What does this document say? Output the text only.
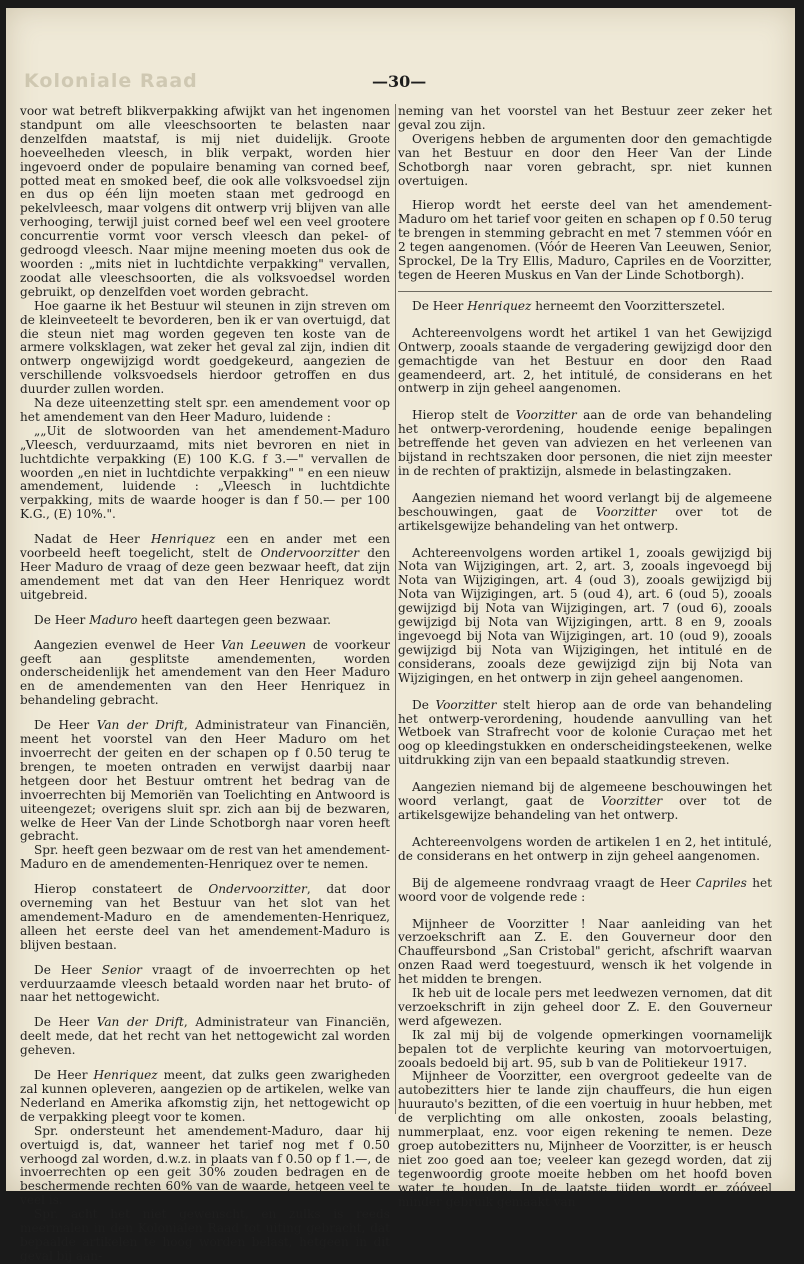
Koloniale Raad	—30—

voor wat betreft blikverpakking afwijkt van het ingenomen standpunt om alle vleeschsoorten te belasten naar denzelfden maatstaf, is mij niet duidelijk. Groote hoeveelheden vleesch, in blik verpakt, worden hier ingevoerd onder de populaire benaming van corned beef, potted meat en smoked beef, die ook alle volksvoedsel zijn en dus op één lijn moeten staan met gedroogd en pekelvleesch, maar volgens dit ontwerp vrij blijven van alle verhooging, terwijl juist corned beef wel een veel grootere concurrentie vormt voor versch vleesch dan pekel- of gedroogd vleesch. Naar mijne meening moeten dus ook de woorden : „mits niet in luchtdichte verpakking" vervallen, zoodat alle vleeschsoorten, die als volksvoedsel worden gebruikt, op denzelfden voet worden gebracht.

Hoe gaarne ik het Bestuur wil steunen in zijn streven om de kleinveeteelt te bevorderen, ben ik er van overtuigd, dat die steun niet mag worden gegeven ten koste van de armere volksklagen, wat zeker het geval zal zijn, indien dit ontwerp ongewijzigd wordt goedgekeurd, aangezien de verschillende volksvoedsels hierdoor getroffen en dus duurder zullen worden.

Na deze uiteenzetting stelt spr. een amendement voor op het amendement van den Heer Maduro, luidende :

„„Uit de slotwoorden van het amendement-Maduro „Vleesch, verduurzaamd, mits niet bevroren en niet in luchtdichte verpakking (E) 100 K.G. f 3.—" vervallen de woorden „en niet in luchtdichte verpakking" " en een nieuw amendement, luidende : „Vleesch in luchtdichte verpakking, mits de waarde hooger is dan f 50.— per 100 K.G., (E) 10%.".

Nadat de Heer Henriquez een en ander met een voorbeeld heeft toegelicht, stelt de Ondervoorzitter den Heer Maduro de vraag of deze geen bezwaar heeft, dat zijn amendement met dat van den Heer Henriquez wordt uitgebreid.

De Heer Maduro heeft daartegen geen bezwaar.

Aangezien evenwel de Heer Van Leeuwen de voorkeur geeft aan gesplitste amendementen, worden onderscheidenlijk het amendement van den Heer Maduro en de amendementen van den Heer Henriquez in behandeling gebracht.

De Heer Van der Drift, Administrateur van Financiën, meent het voorstel van den Heer Maduro om het invoerrecht der geiten en der schapen op f 0.50 terug te brengen, te moeten ontraden en verwijst daarbij naar hetgeen door het Bestuur omtrent het bedrag van de invoerrechten bij Memoriën van Toelichting en Antwoord is uiteengezet; overigens sluit spr. zich aan bij de bezwaren, welke de Heer Van der Linde Schotborgh naar voren heeft gebracht.

Spr. heeft geen bezwaar om de rest van het amendement-Maduro en de amendementen-Henriquez over te nemen.

Hierop constateert de Ondervoorzitter, dat door overneming van het Bestuur van het slot van het amendement-Maduro en de amendementen-Henriquez, alleen het eerste deel van het amendement-Maduro is blijven bestaan.

De Heer Senior vraagt of de invoerrechten op het verduurzaamde vleesch betaald worden naar het bruto- of naar het nettogewicht.

De Heer Van der Drift, Administrateur van Financiën, deelt mede, dat het recht van het nettogewicht zal worden geheven.

De Heer Henriquez meent, dat zulks geen zwarigheden zal kunnen opleveren, aangezien op de artikelen, welke van Nederland en Amerika afkomstig zijn, het nettogewicht op de verpakking pleegt voor te komen.

Spr. ondersteunt het amendement-Maduro, daar hij overtuigd is, dat, wanneer het tarief nog met f 0.50 verhoogd zal worden, d.w.z. in plaats van f 0.50 op f 1.—, de invoerrechten op een geit 30% zouden bedragen en de beschermende rechten 60% van de waarde, hetgeen veel te veel is.

Spr. acht het niet gewenscht, en zulks is reeds meermalen in den Kolonialen Raad tot uiting gebracht, dat bepaalde artikelen te hoog worden belast, hetgeen in dit geval bij aan-

neming van het voorstel van het Bestuur zeer zeker het geval zou zijn.

Overigens hebben de argumenten door den gemachtigde van het Bestuur en door den Heer Van der Linde Schotborgh naar voren gebracht, spr. niet kunnen overtuigen.

Hierop wordt het eerste deel van het amendement-Maduro om het tarief voor geiten en schapen op f 0.50 terug te brengen in stemming gebracht en met 7 stemmen vóór en 2 tegen aangenomen. (Vóór de Heeren Van Leeuwen, Senior, Sprockel, De la Try Ellis, Maduro, Capriles en de Voorzitter, tegen de Heeren Muskus en Van der Linde Schotborgh).

De Heer Henriquez herneemt den Voorzitterszetel.

Achtereenvolgens wordt het artikel 1 van het Gewijzigd Ontwerp, zooals staande de vergadering gewijzigd door den gemachtigde van het Bestuur en door den Raad geamendeerd, art. 2, het intitulé, de considerans en het ontwerp in zijn geheel aangenomen.

Hierop stelt de Voorzitter aan de orde van behandeling het ontwerp-verordening, houdende eenige bepalingen betreffende het geven van adviezen en het verleenen van bijstand in rechtszaken door personen, die niet zijn meester in de rechten of praktizijn, alsmede in belastingzaken.

Aangezien niemand het woord verlangt bij de algemeene beschouwingen, gaat de Voorzitter over tot de artikelsgewijze behandeling van het ontwerp.

Achtereenvolgens worden artikel 1, zooals gewijzigd bij Nota van Wijzigingen, art. 2, art. 3, zooals ingevoegd bij Nota van Wijzigingen, art. 4 (oud 3), zooals gewijzigd bij Nota van Wijzigingen, art. 5 (oud 4), art. 6 (oud 5), zooals gewijzigd bij Nota van Wijzigingen, art. 7 (oud 6), zooals gewijzigd bij Nota van Wijzigingen, artt. 8 en 9, zooals ingevoegd bij Nota van Wijzigingen, art. 10 (oud 9), zooals gewijzigd bij Nota van Wijzigingen, het intitulé en de considerans, zooals deze gewijzigd zijn bij Nota van Wijzigingen, en het ontwerp in zijn geheel aangenomen.

De Voorzitter stelt hierop aan de orde van behandeling het ontwerp-verordening, houdende aanvulling van het Wetboek van Strafrecht voor de kolonie Curaçao met het oog op kleedingstukken en onderscheidingsteekenen, welke uitdrukking zijn van een bepaald staatkundig streven.

Aangezien niemand bij de algemeene beschouwingen het woord verlangt, gaat de Voorzitter over tot de artikelsgewijze behandeling van het ontwerp.

Achtereenvolgens worden de artikelen 1 en 2, het intitulé, de considerans en het ontwerp in zijn geheel aangenomen.

Bij de algemeene rondvraag vraagt de Heer Capriles het woord voor de volgende rede :

Mijnheer de Voorzitter ! Naar aanleiding van het verzoekschrift aan Z. E. den Gouverneur door den Chauffeursbond „San Cristobal" gericht, afschrift waarvan onzen Raad werd toegestuurd, wensch ik het volgende in het midden te brengen.

Ik heb uit de locale pers met leedwezen vernomen, dat dit verzoekschrift in zijn geheel door Z. E. den Gouverneur werd afgewezen.

Ik zal mij bij de volgende opmerkingen voornamelijk bepalen tot de verplichte keuring van motorvoertuigen, zooals bedoeld bij art. 95, sub b van de Politiekeur 1917.

Mijnheer de Voorzitter, een overgroot gedeelte van de autobezitters hier te lande zijn chauffeurs, die hun eigen huurauto's bezitten, of die een voertuig in huur hebben, met de verplichting om alle onkosten, zooals belasting, nummerplaat, enz. voor eigen rekening te nemen. Deze groep autobezitters nu, Mijnheer de Voorzitter, is er heusch niet zoo goed aan toe; veeleer kan gezegd worden, dat zij tegenwoordig groote moeite hebben om het hoofd boven water te houden. In de laatste tijden wordt er zóóveel minder gebruik gemaakt van
